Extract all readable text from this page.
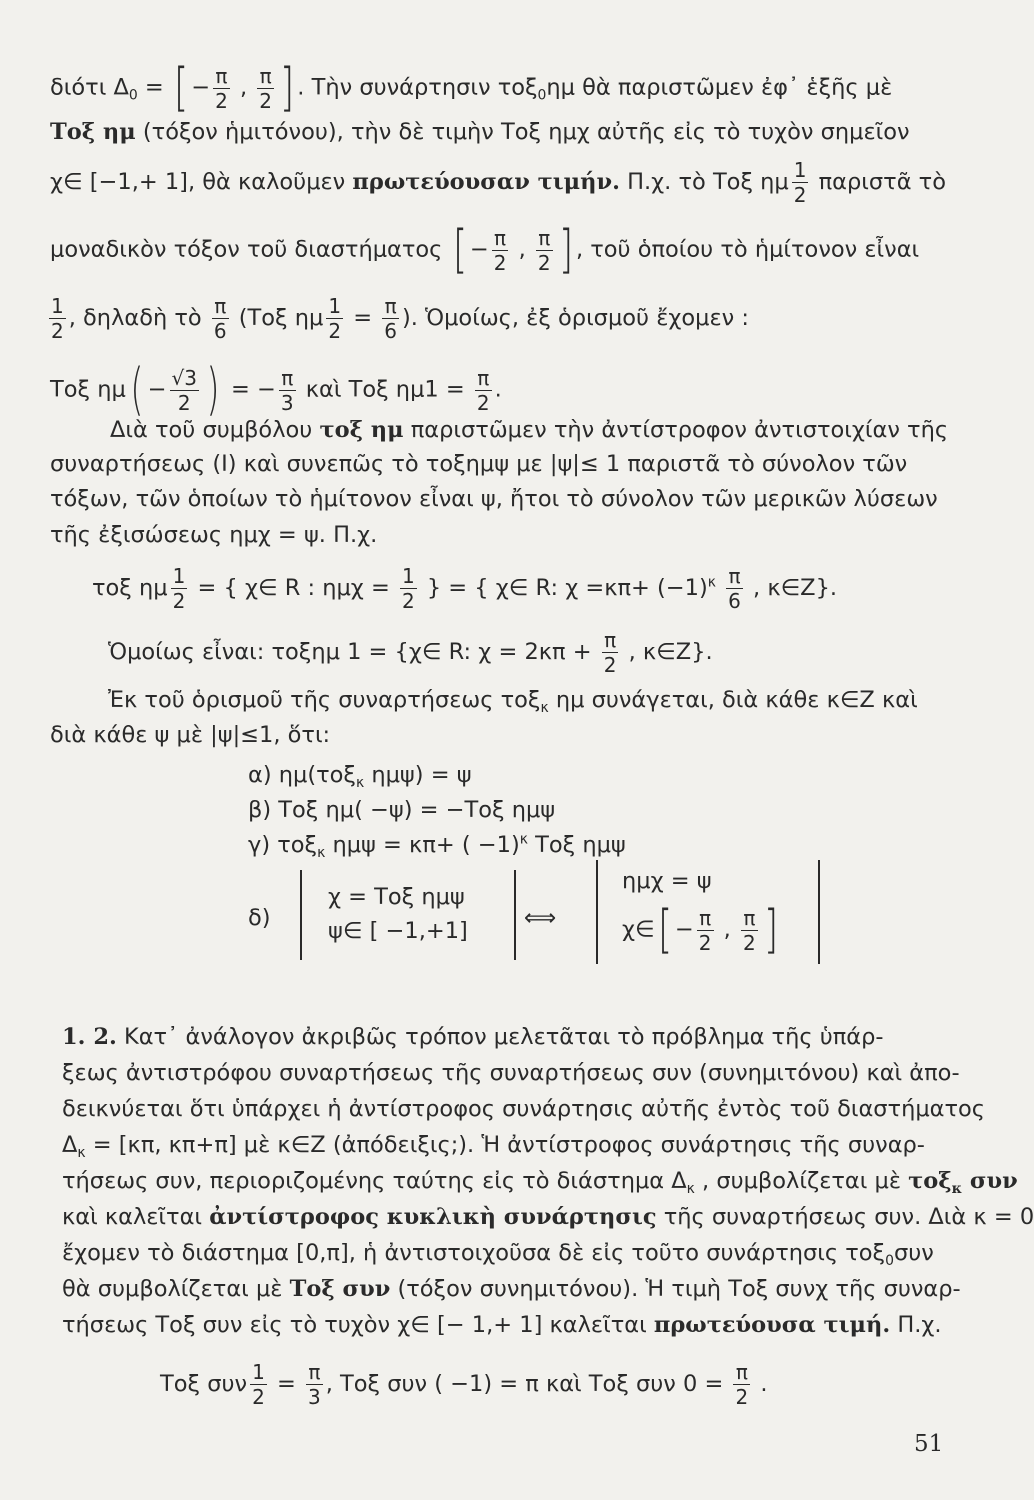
διότι $\Delta_0$ = [ − $\frac{\pi}{2}$ , $\frac{\pi}{2}$ ] . Τὴν συνάρτησιν τοξ$_0$ημ θὰ παριστῶμεν ἐφ᾽ ἑξῆς μὲ
Τοξ ημ (τόξον ἡμιτόνου), τὴν δὲ τιμὴν Τοξ ημχ αὐτῆς εἰς τὸ τυχὸν σημεῖον
χ∈ [−1,+ 1], θὰ καλοῦμεν πρωτεύουσαν τιμήν. Π.χ. τὸ Τοξ ημ $\frac{1}{2}$ παριστᾶ τὸ
μοναδικὸν τόξον τοῦ διαστήματος [ − $\frac{\pi}{2}$ , $\frac{\pi}{2}$ ] , τοῦ ὁποίου τὸ ἡμίτονον εἶναι
$\frac{1}{2}$ , δηλαδὴ τὸ $\frac{\pi}{6} (To\xi$ ημ $\frac{1}{2} = \frac{\pi}{6}$ ). Ὁμοίως, ἐξ ὁρισμοῦ ἔχομεν :
Τοξ $\eta\mu( - \frac{√3}{2}$ ) = − $\frac{\pi}{3}$ καὶ Τοξ $\eta\mu 1 = \frac{\pi}{2}$ .
Διὰ τοῦ συμβόλου τοξ ημ παριστῶμεν τὴν ἀντίστροφον ἀντιστοιχίαν τῆς
συναρτήσεως (Ι) καὶ συνεπῶς τὸ τοξημψ με |ψ|≤ 1 παριστᾶ τὸ σύνολον τῶν
τόξων, τῶν ὁποίων τὸ ἡμίτονον εἶναι ψ, ἤτοι τὸ σύνολον τῶν μερικῶν λύσεων
τῆς ἐξισώσεως ημχ = ψ. Π.χ.
τοξ ημ $\frac{1}{2}$ = { χ∈ R : $\eta\mu\chi = \frac{1}{2}$ } = { χ∈ R: $\chi =\kappa\pi+ (-1)^\kappa \frac{\pi}{6}$ , κ∈Z}.
Ὁμοίως εἶναι: τοξημ 1 = {χ∈ R: $\chi = 2\kappa\pi + \frac{\pi}{2}$ , κ∈Z}.
Ἐκ τοῦ ὁρισμοῦ τῆς συναρτήσεως τοξ$_\kappa$ ημ συνάγεται, διὰ κάθε κ∈Z καὶ
διὰ κάθε ψ μὲ |ψ|≤1, ὅτι:
α) ημ(τοξ$_\kappa$ ημψ) = ψ
β) Τοξ ημ( −ψ) = −Τοξ ημψ
γ) τοξ$_\kappa$ ημψ = κπ+ ( −1)$^\kappa$ Τοξ ημψ
δ)
χ = Τοξ ημψ
ψ∈ [ −1,+1] ⟺
ημχ = ψ
χ∈[ − $\frac{\pi}{2}$ , $\frac{\pi}{2}$ ]
1. 2. Κατ᾽ ἀνάλογον ἀκριβῶς τρόπον μελετᾶται τὸ πρόβλημα τῆς ὑπάρ-
ξεως ἀντιστρόφου συναρτήσεως τῆς συναρτήσεως συν (συνημιτόνου) καὶ ἀπο-
δεικνύεται ὅτι ὑπάρχει ἡ ἀντίστροφος συνάρτησις αὐτῆς ἐντὸς τοῦ διαστήματος
$\Delta_\kappa = [\kappa\pi$, κπ+π] μὲ κ∈Z (ἀπόδειξις;). Ἡ ἀντίστροφος συνάρτησις τῆς συναρ-
τήσεως συν, περιοριζομένης ταύτης εἰς τὸ διάστημα $\Delta_\kappa$ , συμβολίζεται μὲ τοξ$_\kappa$ συν
καὶ καλεῖται ἀντίστροφος κυκλικὴ συνάρτησις τῆς συναρτήσεως συν. Διὰ κ = 0
ἔχομεν τὸ διάστημα [0,π], ἡ ἀντιστοιχοῦσα δὲ εἰς τοῦτο συνάρτησις τοξ$_0$συν
θὰ συμβολίζεται μὲ Τοξ συν (τόξον συνημιτόνου). Ἡ τιμὴ Τοξ συνχ τῆς συναρ-
τήσεως Τοξ συν εἰς τὸ τυχὸν χ∈ [− 1,+ 1] καλεῖται πρωτεύουσα τιμή. Π.χ.
Τοξ συν $\frac{1}{2} = \frac{\pi}{3}$ , Τοξ συν ( −1) = π καὶ Τοξ συν $0 = \frac{\pi}{2}$ .
51
